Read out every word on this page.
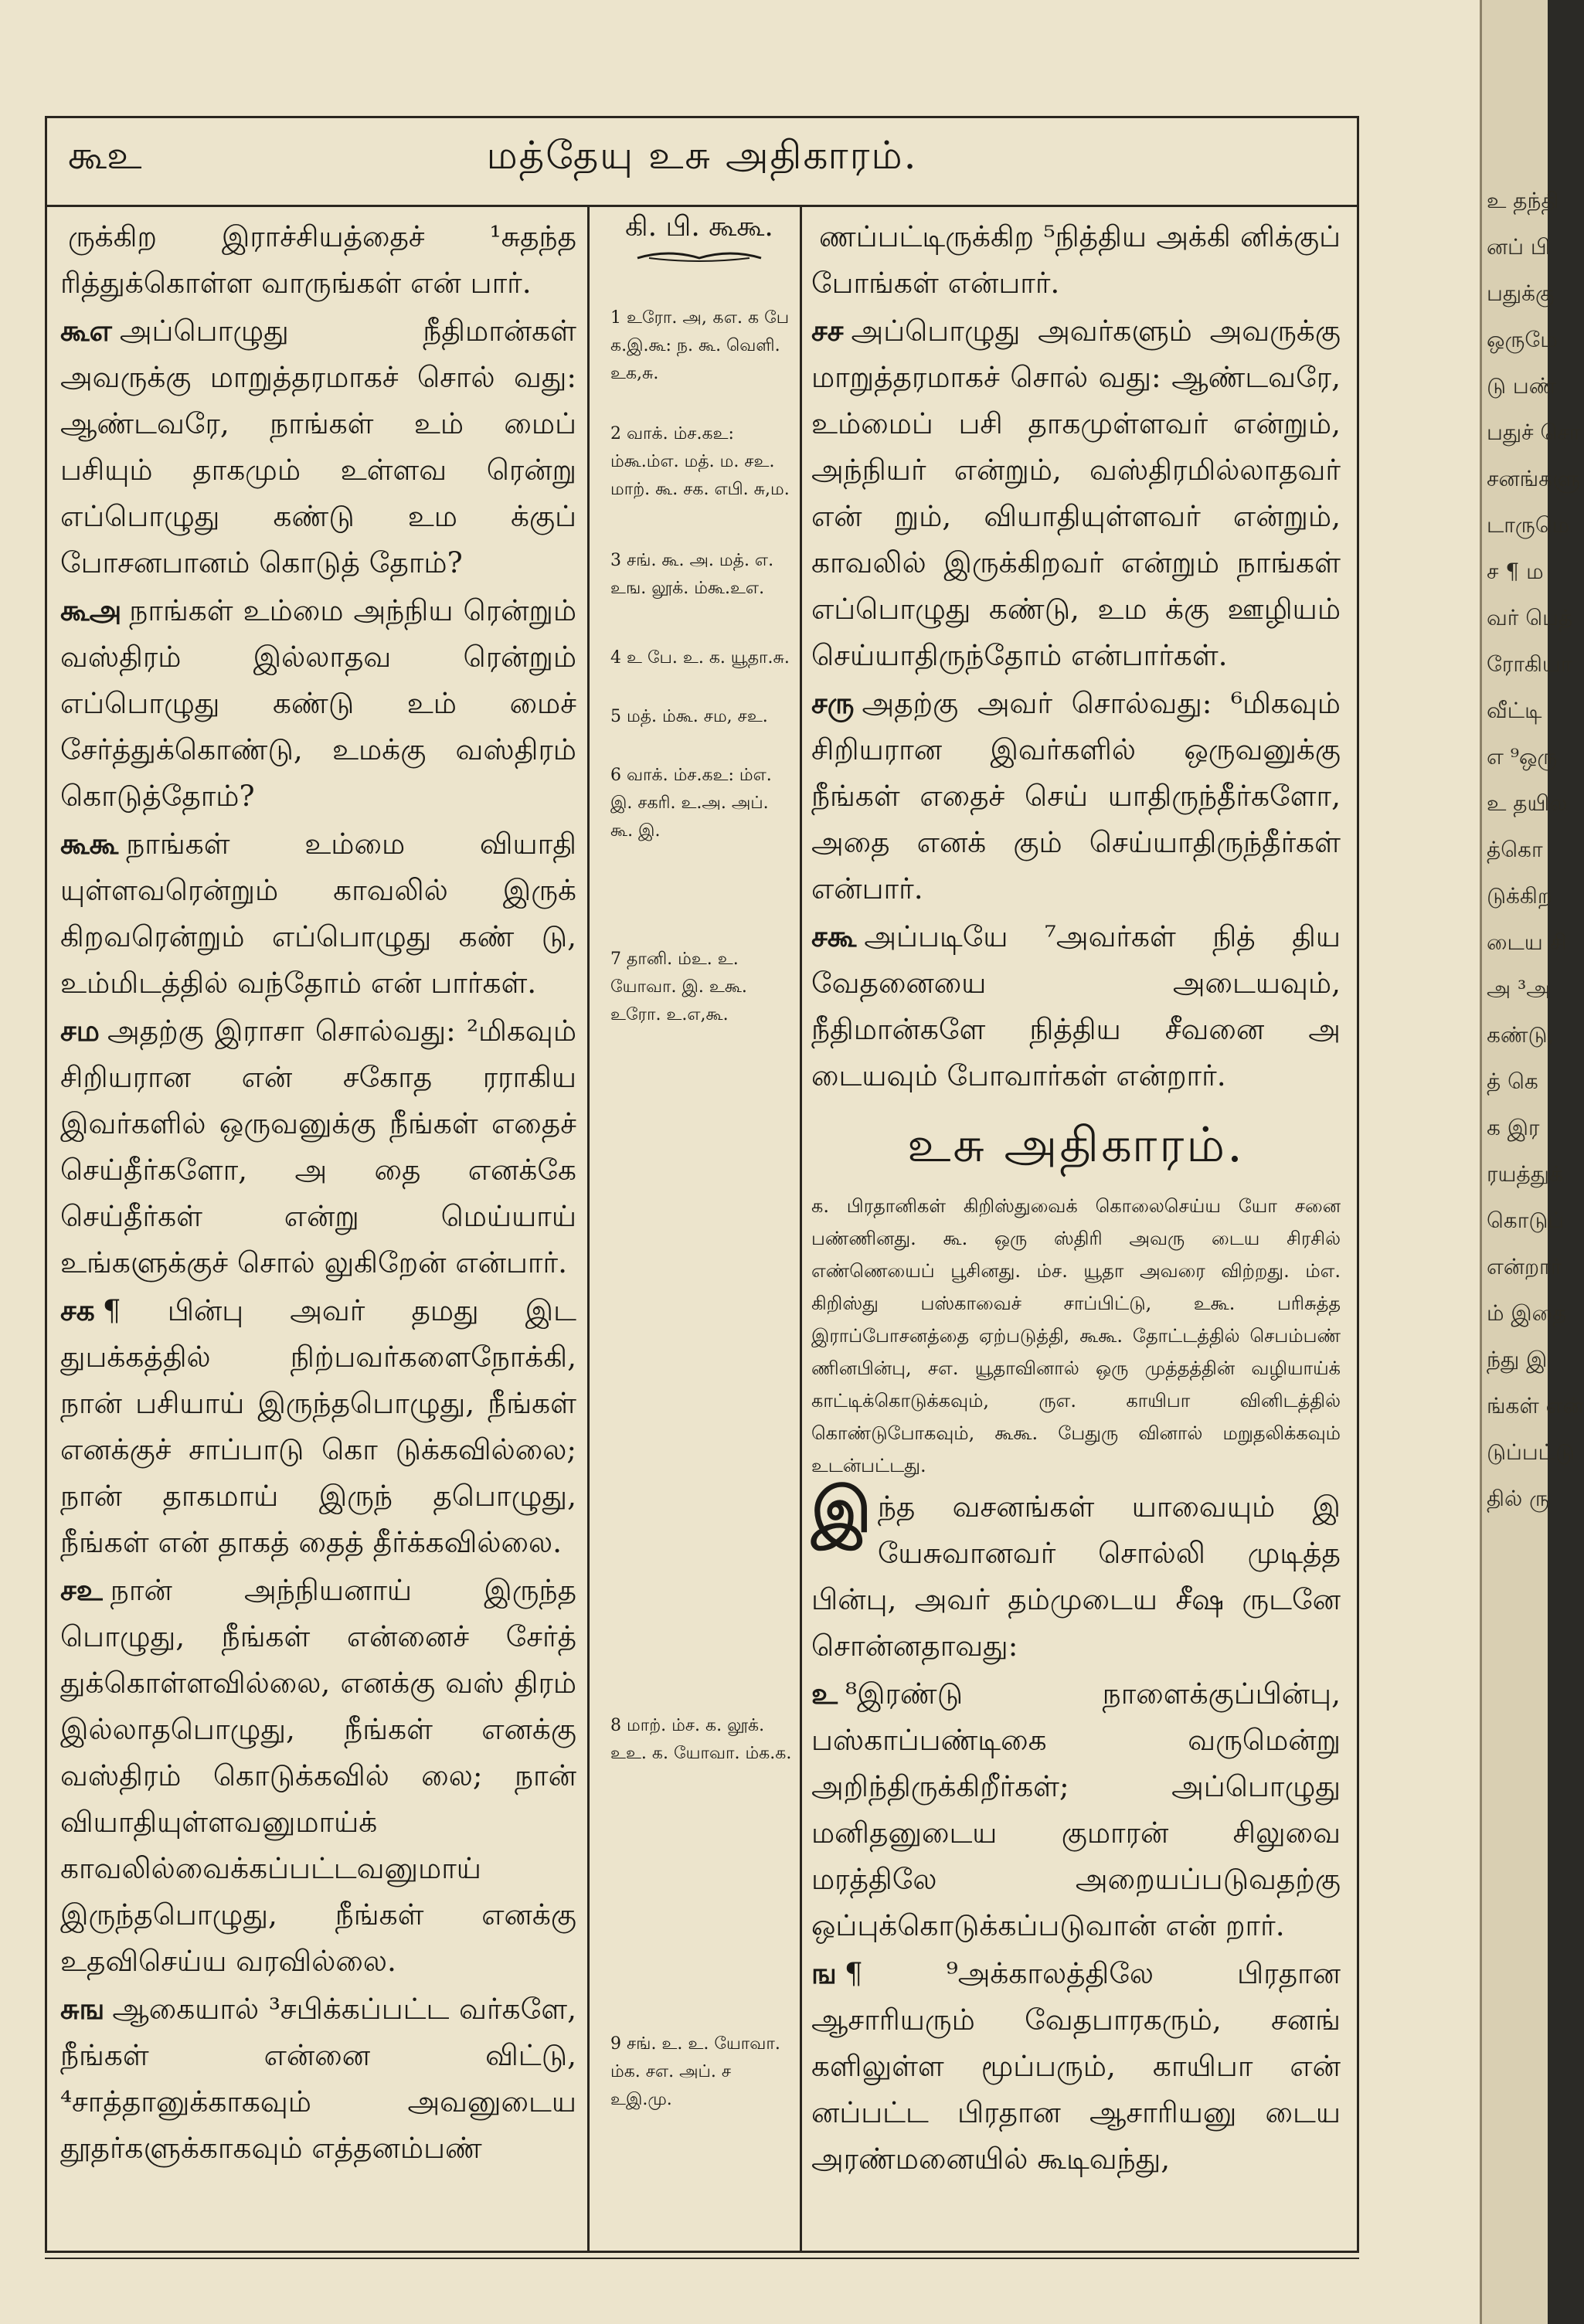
கூஉ	மத்தேயு உசு அதிகாரம்.

ருக்கிற இராச்சியத்தைச் ¹சுதந்த ரித்துக்கொள்ள வாருங்கள் என் பார்.

கூஎ அப்பொழுது நீதிமான்கள் அவருக்கு மாறுத்தரமாகச் சொல் வது: ஆண்டவரே, நாங்கள் உம் மைப் பசியும் தாகமும் உள்ளவ ரென்று எப்பொழுது கண்டு உம க்குப் போசனபானம் கொடுத் தோம்?

கூஅ நாங்கள் உம்மை அந்நிய ரென்றும் வஸ்திரம் இல்லாதவ ரென்றும் எப்பொழுது கண்டு உம் மைச் சேர்த்துக்கொண்டு, உமக்கு வஸ்திரம் கொடுத்தோம்?

கூகூ நாங்கள் உம்மை வியாதி யுள்ளவரென்றும் காவலில் இருக் கிறவரென்றும் எப்பொழுது கண் டு, உம்மிடத்தில் வந்தோம் என் பார்கள்.

சம அதற்கு இராசா சொல்வது: ²மிகவும் சிறியரான என் சகோத ரராகிய இவர்களில் ஒருவனுக்கு நீங்கள் எதைச் செய்தீர்களோ, அ தை எனக்கே செய்தீர்கள் என்று மெய்யாய் உங்களுக்குச் சொல் லுகிறேன் என்பார்.

சக ¶ பின்பு அவர் தமது இட துபக்கத்தில் நிற்பவர்களைநோக்கி, நான் பசியாய் இருந்தபொழுது, நீங்கள் எனக்குச் சாப்பாடு கொ டுக்கவில்லை; நான் தாகமாய் இருந் தபொழுது, நீங்கள் என் தாகத் தைத் தீர்க்கவில்லை.

சஉ நான் அந்நியனாய் இருந்த பொழுது, நீங்கள் என்னைச் சேர்த் துக்கொள்ளவில்லை, எனக்கு வஸ் திரம் இல்லாதபொழுது, நீங்கள் எனக்கு வஸ்திரம் கொடுக்கவில் லை; நான் வியாதியுள்ளவனுமாய்க் காவலில்வைக்கப்பட்டவனுமாய் இருந்தபொழுது, நீங்கள் எனக்கு உதவிசெய்ய வரவில்லை.

சுங ஆகையால் ³சபிக்கப்பட்ட வர்களே, நீங்கள் என்னை விட்டு, ⁴சாத்தானுக்காகவும் அவனுடைய தூதர்களுக்காகவும் எத்தனம்பண்

கி. பி. கூகூ.
1 உரோ. அ, ௧எ. க பே க.இ.கூ: ந. கூ. வெளி. உக,சு.
2 வாக். ம்ச.கஉ: ம்கூ.ம்எ. மத். ம. சஉ. மாற். கூ. சக. எபி. சு,ம.
3 சங். கூ. அ. மத். எ. உங. லூக். ம்கூ.உஎ.
4 உ பே. உ. க. யூதா.சு.
5 மத். ம்கூ. சம, சஉ.
6 வாக். ம்ச.கஉ: ம்எ. இ. சகரி. உ.அ. அப். கூ. இ.
7 தானி. ம்உ. உ. யோவா. இ. உகூ. உரோ. உ.எ,கூ.
8 மாற். ம்ச. க. லூக். உஉ. க. யோவா. ம்க.க.
9 சங். உ. உ. யோவா. ம்க. சஎ. அப். ச உஇ.மு.

ணப்பட்டிருக்கிற ⁵நித்திய அக்கி னிக்குப் போங்கள் என்பார்.

சச அப்பொழுது அவர்களும் அவருக்கு மாறுத்தரமாகச் சொல் வது: ஆண்டவரே, உம்மைப் பசி தாகமுள்ளவர் என்றும், அந்நியர் என்றும், வஸ்திரமில்லாதவர் என் றும், வியாதியுள்ளவர் என்றும், காவலில் இருக்கிறவர் என்றும் நாங்கள் எப்பொழுது கண்டு, உம க்கு ஊழியம் செய்யாதிருந்தோம் என்பார்கள்.

சரு அதற்கு அவர் சொல்வது: ⁶மிகவும் சிறியரான இவர்களில் ஒருவனுக்கு நீங்கள் எதைச் செய் யாதிருந்தீர்களோ, அதை எனக் கும் செய்யாதிருந்தீர்கள் என்பார்.

சகூ அப்படியே ⁷அவர்கள் நித் திய வேதனையை அடையவும், நீதிமான்களே நித்திய சீவனை அ டையவும் போவார்கள் என்றார்.

உசு அதிகாரம்.

க. பிரதானிகள் கிறிஸ்துவைக் கொலைசெய்ய யோ சனை பண்ணினது. கூ. ஒரு ஸ்திரி அவரு டைய சிரசில் எண்ணெயைப் பூசினது. ம்ச. யூதா அவரை விற்றது. ம்எ. கிறிஸ்து பஸ்காவைச் சாப்பிட்டு, உகூ. பரிசுத்த இராப்போசனத்தை ஏற்படுத்தி, கூகூ. தோட்டத்தில் செபம்பண் ணினபின்பு, சஎ. யூதாவினால் ஒரு முத்தத்தின் வழியாய்க் காட்டிக்கொடுக்கவும், ருஎ. காயிபா வினிடத்தில் கொண்டுபோகவும், கூகூ. பேதுரு வினால் மறுதலிக்கவும் உடன்பட்டது.

இந்த வசனங்கள் யாவையும் இ யேசுவானவர் சொல்லி முடித்த பின்பு, அவர் தம்முடைய சீஷ ருடனே சொன்னதாவது:

உ ⁸இரண்டு நாளைக்குப்பின்பு, பஸ்காப்பண்டிகை வருமென்று அறிந்திருக்கிறீர்கள்; அப்பொழுது மனிதனுடைய குமாரன் சிலுவை மரத்திலே அறையப்படுவதற்கு ஒப்புக்கொடுக்கப்படுவான் என் றார்.

ங ¶ ⁹அக்காலத்திலே பிரதான ஆசாரியரும் வேதபாரகரும், சனங் களிலுள்ள மூப்பரும், காயிபா என் னப்பட்ட பிரதான ஆசாரியனு டைய அரண்மனையில் கூடிவந்து,

உ தந்தி
னப் பி
பதுக்கு
ஒருமே
டு பண்
பதுச் சொ
சனங்களு
டாருமெ
ச ¶ ம
வர் பெத்
ரோகியா
வீட்டி
எ ⁹ஒரு
உ தயில
த்கொ
டுக்கிற
டைய சி
அ ³அ
கண்டு,
த் கெ
க இர
ரயத்துக்
கொடுப்
என்றார்
ம் இதை
ந்து இ
ங்கள் என்
டுப்பட்டு
தில் ரு
